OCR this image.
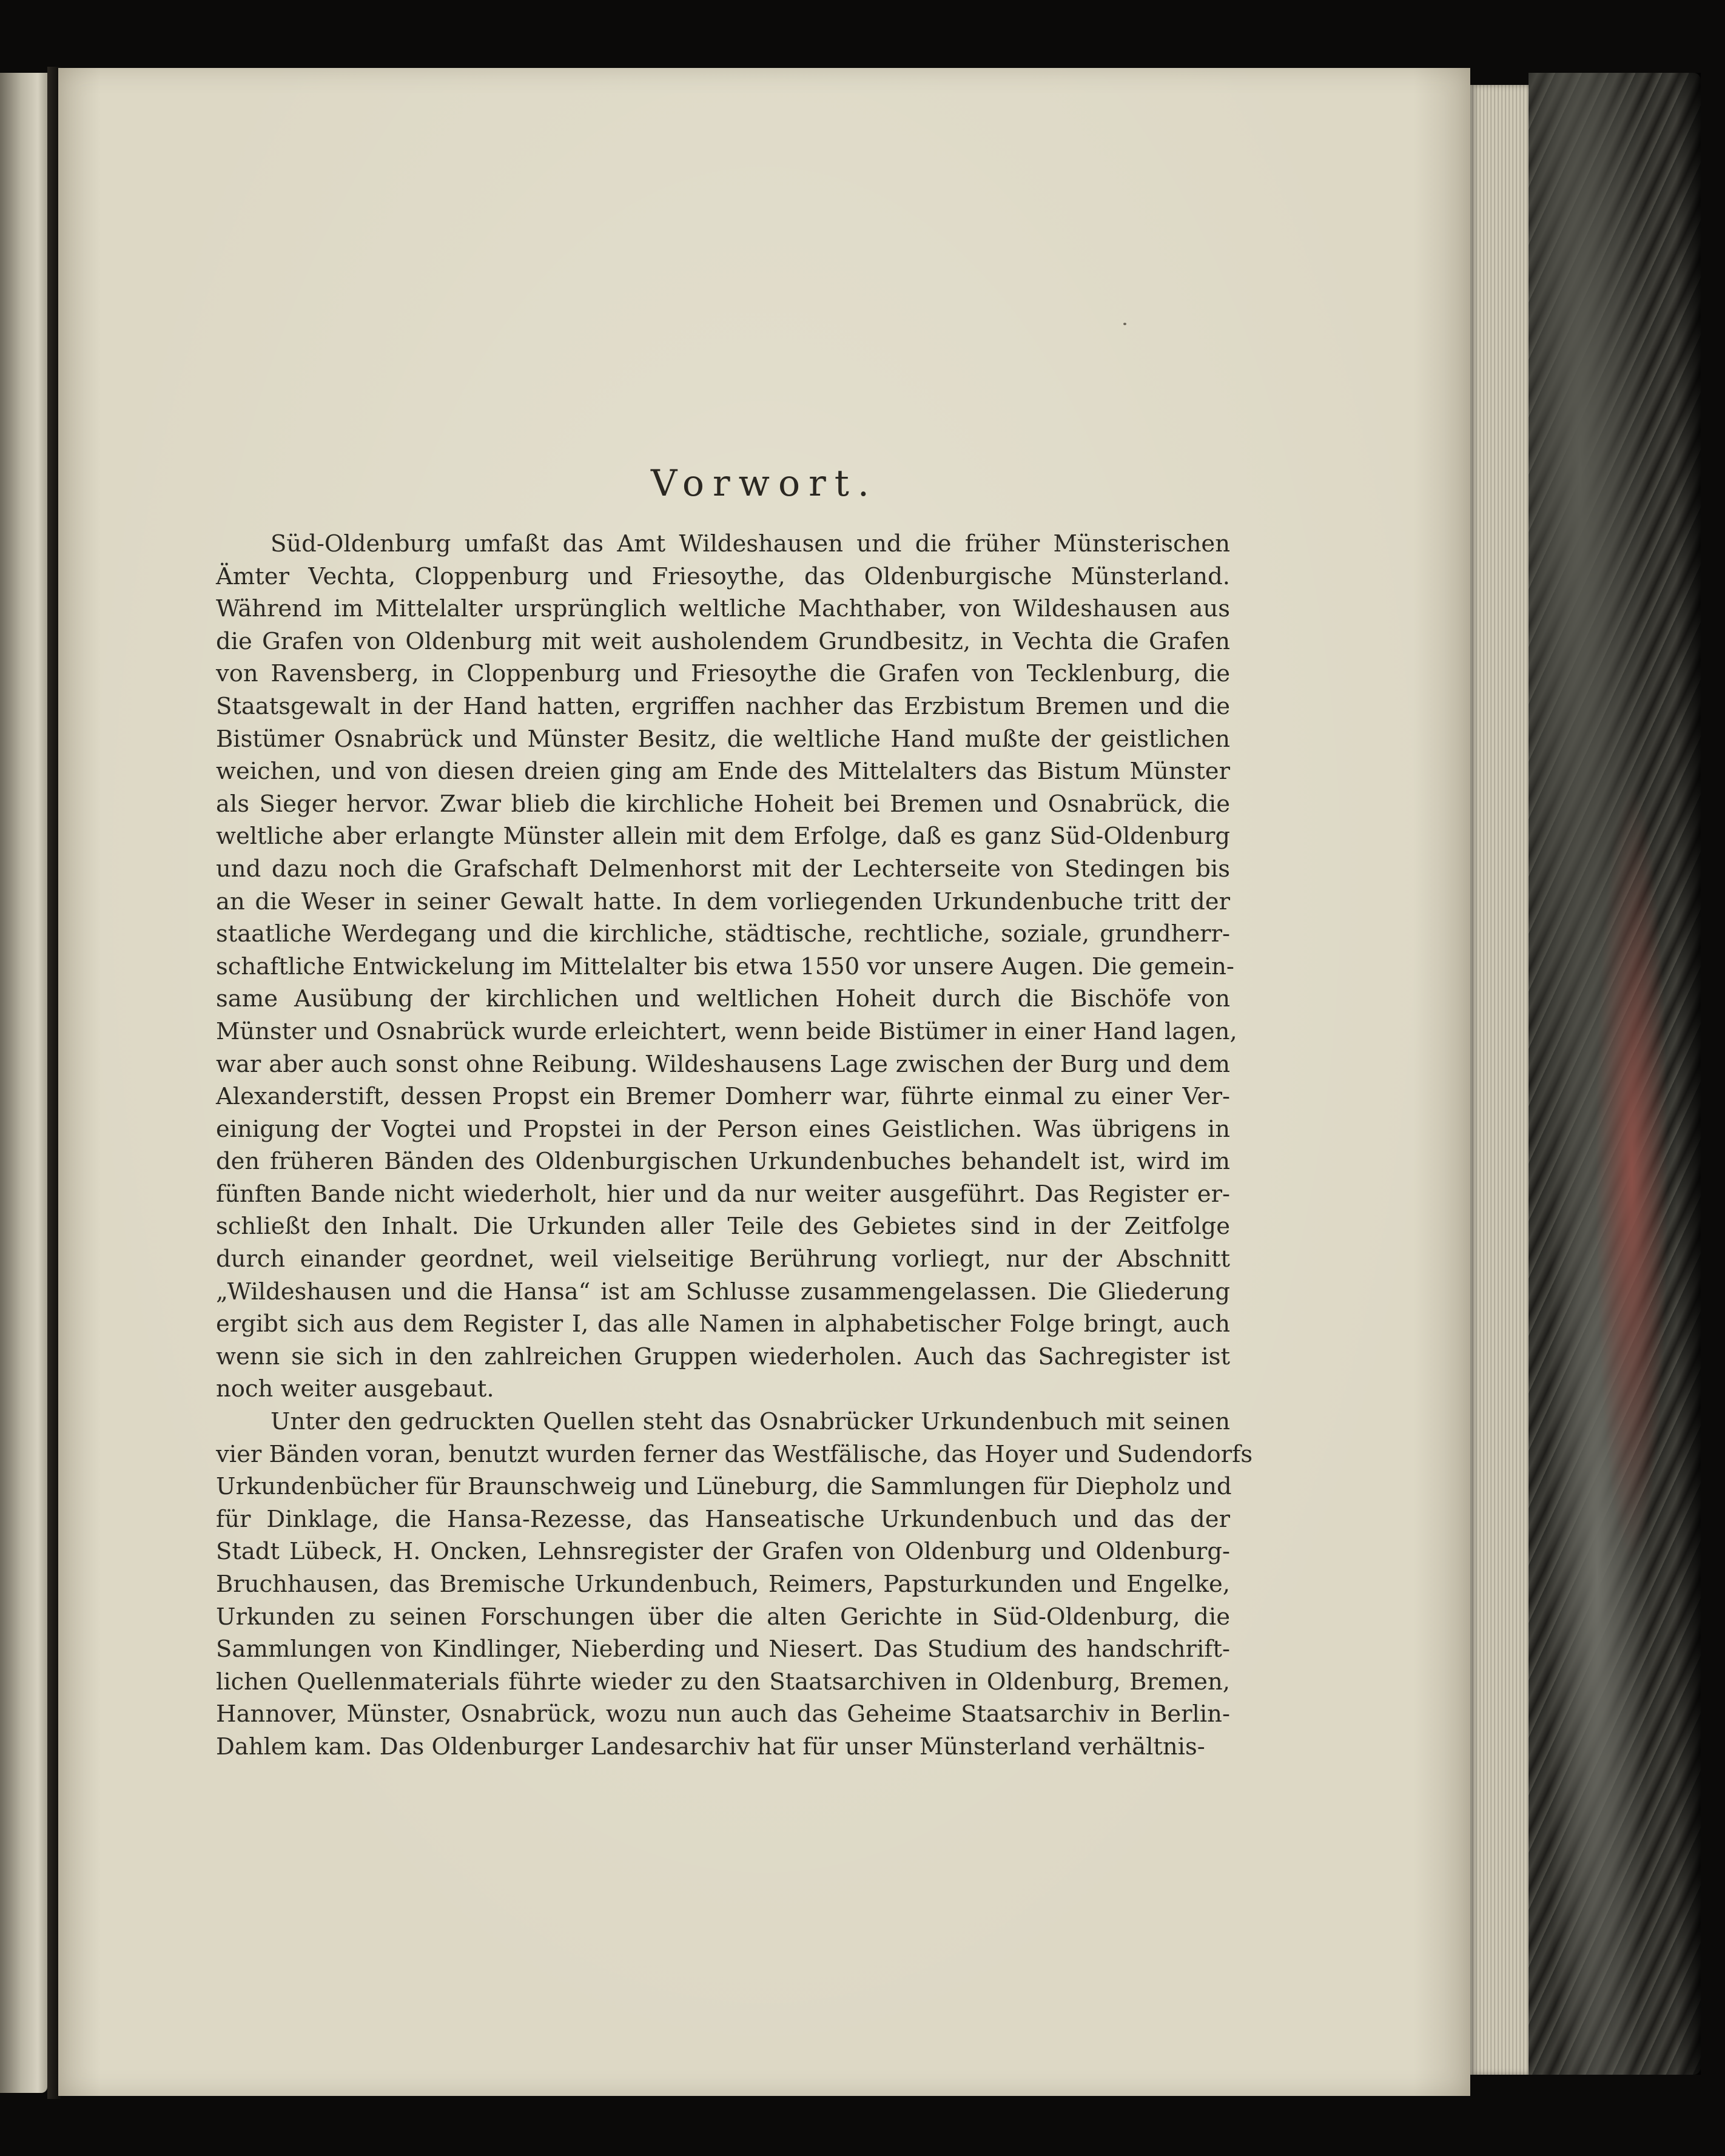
Vorwort.
Süd-Oldenburg umfaßt das Amt Wildeshausen und die früher Münsterischen
Ämter Vechta, Cloppenburg und Friesoythe, das Oldenburgische Münsterland.
Während im Mittelalter ursprünglich weltliche Machthaber, von Wildeshausen aus
die Grafen von Oldenburg mit weit ausholendem Grundbesitz, in Vechta die Grafen
von Ravensberg, in Cloppenburg und Friesoythe die Grafen von Tecklenburg, die
Staatsgewalt in der Hand hatten, ergriffen nachher das Erzbistum Bremen und die
Bistümer Osnabrück und Münster Besitz, die weltliche Hand mußte der geistlichen
weichen, und von diesen dreien ging am Ende des Mittelalters das Bistum Münster
als Sieger hervor. Zwar blieb die kirchliche Hoheit bei Bremen und Osnabrück, die
weltliche aber erlangte Münster allein mit dem Erfolge, daß es ganz Süd-Oldenburg
und dazu noch die Grafschaft Delmenhorst mit der Lechterseite von Stedingen bis
an die Weser in seiner Gewalt hatte. In dem vorliegenden Urkundenbuche tritt der
staatliche Werdegang und die kirchliche, städtische, rechtliche, soziale, grundherr-
schaftliche Entwickelung im Mittelalter bis etwa 1550 vor unsere Augen. Die gemein-
same Ausübung der kirchlichen und weltlichen Hoheit durch die Bischöfe von
Münster und Osnabrück wurde erleichtert, wenn beide Bistümer in einer Hand lagen,
war aber auch sonst ohne Reibung. Wildeshausens Lage zwischen der Burg und dem
Alexanderstift, dessen Propst ein Bremer Domherr war, führte einmal zu einer Ver-
einigung der Vogtei und Propstei in der Person eines Geistlichen. Was übrigens in
den früheren Bänden des Oldenburgischen Urkundenbuches behandelt ist, wird im
fünften Bande nicht wiederholt, hier und da nur weiter ausgeführt. Das Register er-
schließt den Inhalt. Die Urkunden aller Teile des Gebietes sind in der Zeitfolge
durch einander geordnet, weil vielseitige Berührung vorliegt, nur der Abschnitt
„Wildeshausen und die Hansa“ ist am Schlusse zusammengelassen. Die Gliederung
ergibt sich aus dem Register I, das alle Namen in alphabetischer Folge bringt, auch
wenn sie sich in den zahlreichen Gruppen wiederholen. Auch das Sachregister ist
noch weiter ausgebaut.
Unter den gedruckten Quellen steht das Osnabrücker Urkundenbuch mit seinen
vier Bänden voran, benutzt wurden ferner das Westfälische, das Hoyer und Sudendorfs
Urkundenbücher für Braunschweig und Lüneburg, die Sammlungen für Diepholz und
für Dinklage, die Hansa-Rezesse, das Hanseatische Urkundenbuch und das der
Stadt Lübeck, H. Oncken, Lehnsregister der Grafen von Oldenburg und Oldenburg-
Bruchhausen, das Bremische Urkundenbuch, Reimers, Papsturkunden und Engelke,
Urkunden zu seinen Forschungen über die alten Gerichte in Süd-Oldenburg, die
Sammlungen von Kindlinger, Nieberding und Niesert. Das Studium des handschrift-
lichen Quellenmaterials führte wieder zu den Staatsarchiven in Oldenburg, Bremen,
Hannover, Münster, Osnabrück, wozu nun auch das Geheime Staatsarchiv in Berlin-
Dahlem kam. Das Oldenburger Landesarchiv hat für unser Münsterland verhältnis-
